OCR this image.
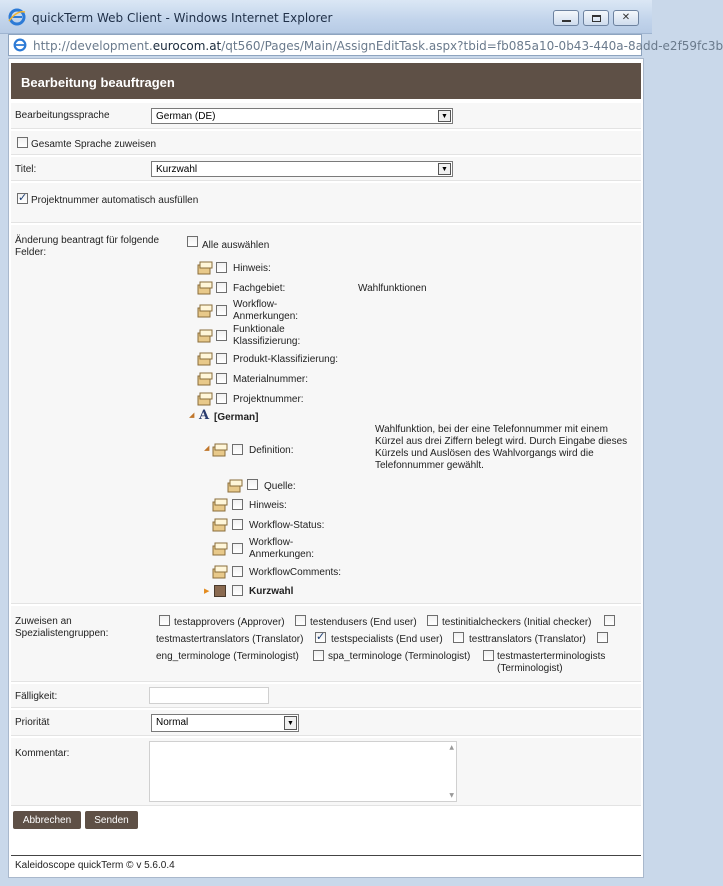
quickTerm Web Client - Windows Internet Explorer	✕
http://development.eurocom.at/qt560/Pages/Main/AssignEditTask.aspx?tbid=fb085a10-0b43-440a-8add-e2f59fc3b
Bearbeitung beauftragen
Bearbeitungssprache	German (DE)	▼
Gesamte Sprache zuweisen
Titel:	Kurzwahl	▼
✓
Projektnummer automatisch ausfüllen
Änderung beantragt für folgende Felder:
Alle auswählen
Hinweis:
Fachgebiet:	Wahlfunktionen
Workflow-Anmerkungen:
Funktionale Klassifizierung:
Produkt-Klassifizierung:
Materialnummer:
Projektnummer:
◢ A [German]
◢	Definition:
Wahlfunktion, bei der eine Telefonnummer mit einem Kürzel aus drei Ziffern belegt wird. Durch Eingabe dieses Kürzels und Auslösen des Wahlvorgangs wird die Telefonnummer gewählt.
Quelle:
Hinweis:
Workflow-Status:
Workflow-Anmerkungen:
WorkflowComments:
▶	Kurzwahl
Zuweisen an Spezialistengruppen:
testapprovers (Approver)	testendusers (End user)	testinitialcheckers (Initial checker)
testmastertranslators (Translator)
✓	testspecialists (End user)	testtranslators (Translator)
eng_terminologe (Terminologist)	spa_terminologe (Terminologist)	testmasterterminologists (Terminologist)
Fälligkeit:
Priorität	Normal	▼
Kommentar:
▲
▼
Abbrechen	Senden
Kaleidoscope quickTerm © v 5.6.0.4
